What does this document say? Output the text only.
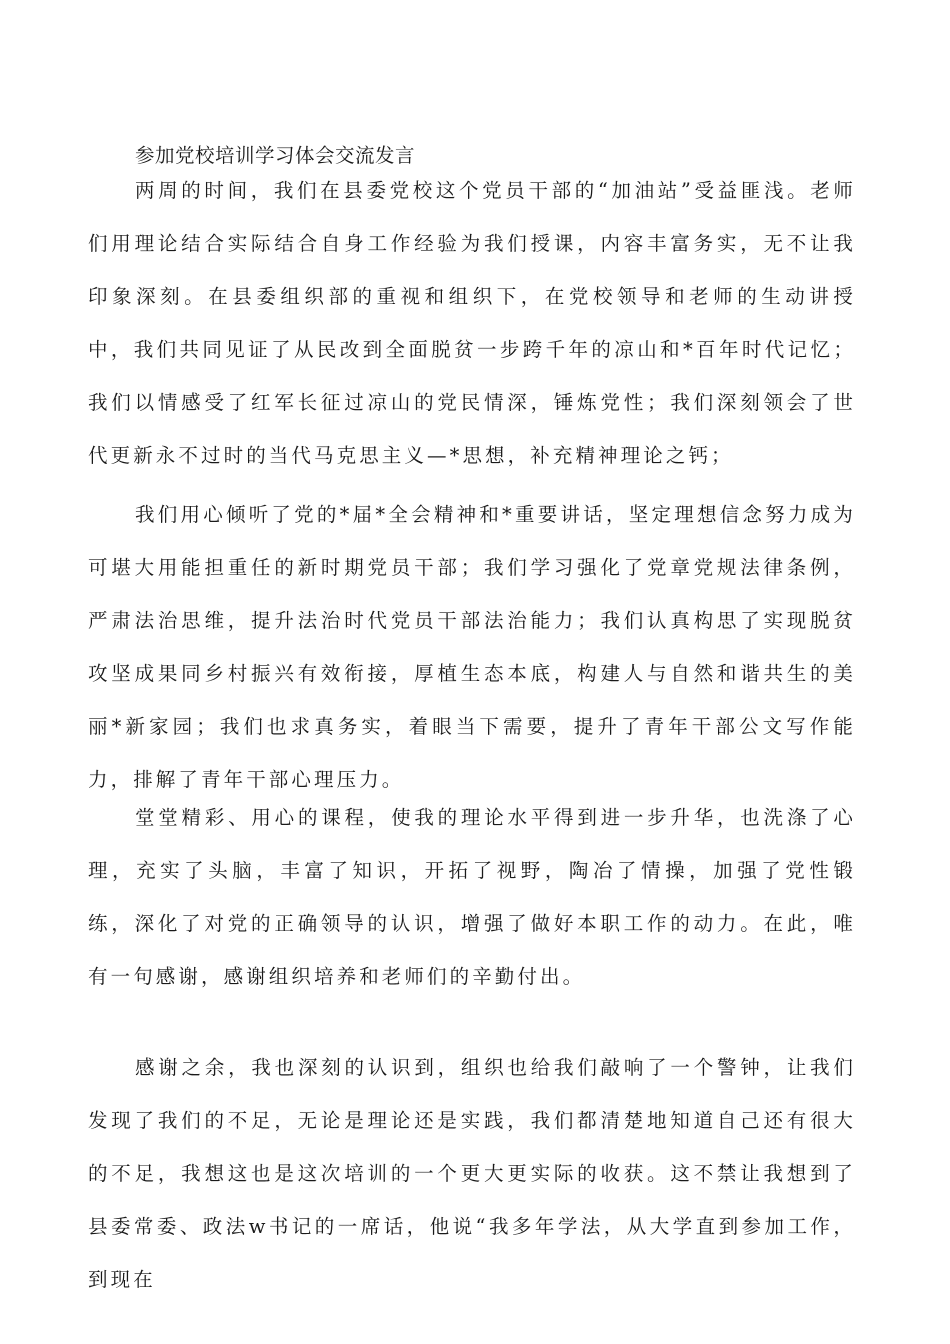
参加党校培训学习体会交流发言

两周的时间，我们在县委党校这个党员干部的“加油站”受益匪浅。老师们用理论结合实际结合自身工作经验为我们授课，内容丰富务实，无不让我印象深刻。在县委组织部的重视和组织下，在党校领导和老师的生动讲授中，我们共同见证了从民改到全面脱贫一步跨千年的凉山和*百年时代记忆；我们以情感受了红军长征过凉山的党民情深，锤炼党性；我们深刻领会了世代更新永不过时的当代马克思主义—*思想，补充精神理论之钙；

我们用心倾听了党的*届*全会精神和*重要讲话，坚定理想信念努力成为可堪大用能担重任的新时期党员干部；我们学习强化了党章党规法律条例，严肃法治思维，提升法治时代党员干部法治能力；我们认真构思了实现脱贫攻坚成果同乡村振兴有效衔接，厚植生态本底，构建人与自然和谐共生的美丽*新家园；我们也求真务实，着眼当下需要，提升了青年干部公文写作能力，排解了青年干部心理压力。

堂堂精彩、用心的课程，使我的理论水平得到进一步升华，也洗涤了心理，充实了头脑，丰富了知识，开拓了视野，陶冶了情操，加强了党性锻练，深化了对党的正确领导的认识，增强了做好本职工作的动力。在此，唯有一句感谢，感谢组织培养和老师们的辛勤付出。

感谢之余，我也深刻的认识到，组织也给我们敲响了一个警钟，让我们发现了我们的不足，无论是理论还是实践，我们都清楚地知道自己还有很大的不足，我想这也是这次培训的一个更大更实际的收获。这不禁让我想到了县委常委、政法w书记的一席话，他说“我多年学法，从大学直到参加工作，到现在
